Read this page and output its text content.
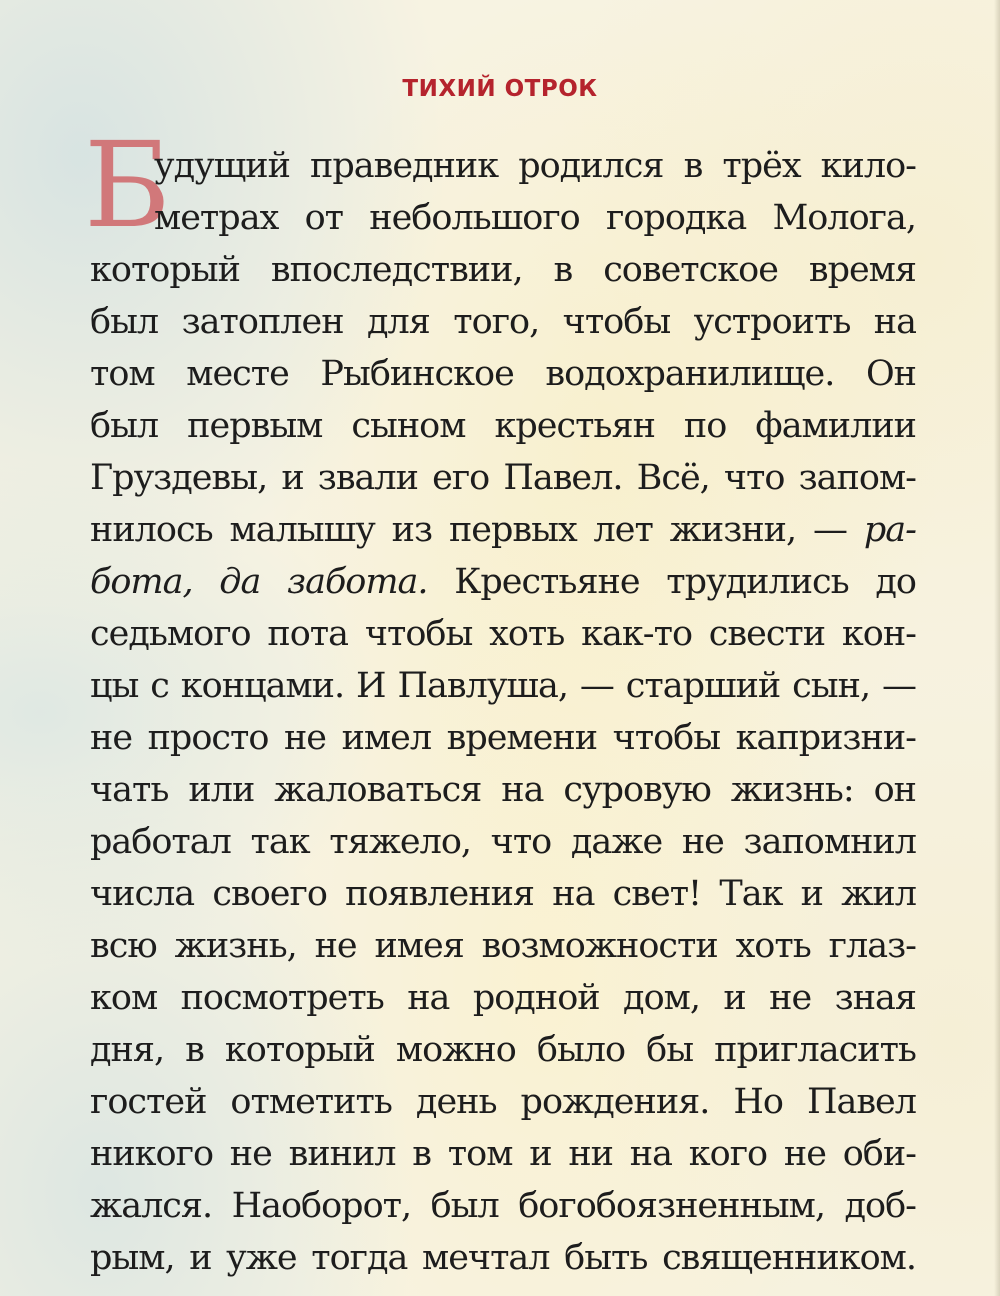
ТИХИЙ ОТРОК
Б
удущий праведник родился в трёх кило-
метрах от небольшого городка Молога,
который впоследствии, в советское время
был затоплен для того, чтобы устроить на
том месте Рыбинское водохранилище. Он
был первым сыном крестьян по фамилии
Груздевы, и звали его Павел. Всё, что запом-
нилось малышу из первых лет жизни, — ра-
бота, да забота. Крестьяне трудились до
седьмого пота чтобы хоть как-то свести кон-
цы с концами. И Павлуша, — старший сын, —
не просто не имел времени чтобы капризни-
чать или жаловаться на суровую жизнь: он
работал так тяжело, что даже не запомнил
числа своего появления на свет! Так и жил
всю жизнь, не имея возможности хоть глаз-
ком посмотреть на родной дом, и не зная
дня, в который можно было бы пригласить
гостей отметить день рождения. Но Павел
никого не винил в том и ни на кого не оби-
жался. Наоборот, был богобоязненным, доб-
рым, и уже тогда мечтал быть священником.
